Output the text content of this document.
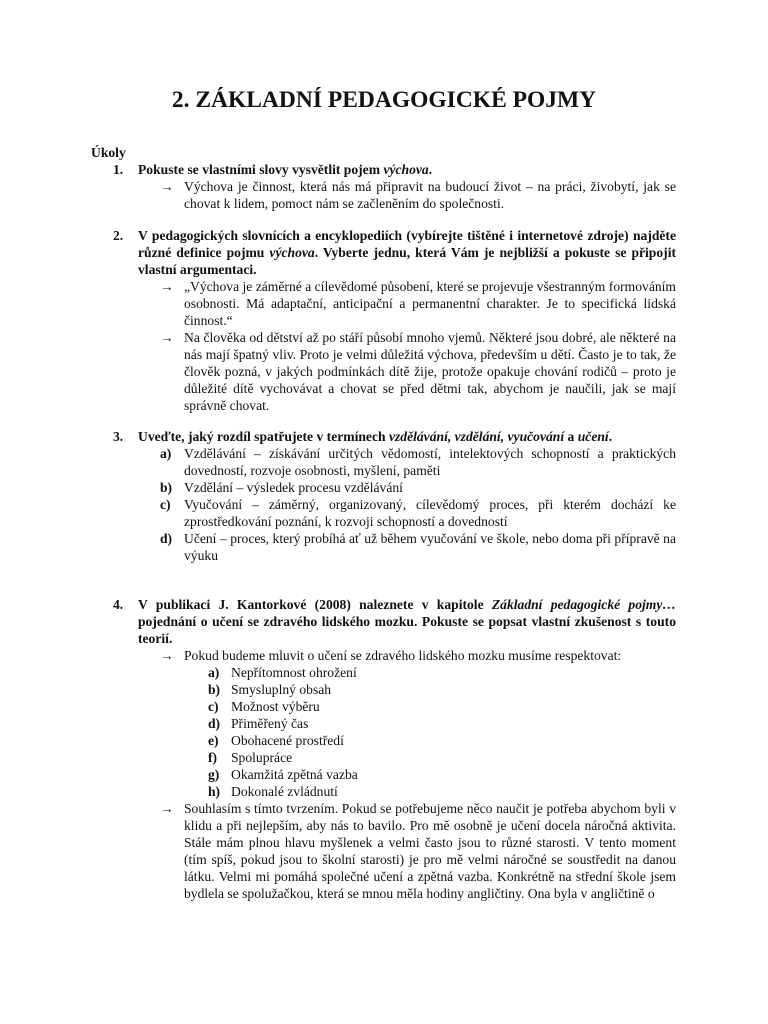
2. ZÁKLADNÍ PEDAGOGICKÉ POJMY
Úkoly
1. Pokuste se vlastními slovy vysvětlit pojem výchova.
→ Výchova je činnost, která nás má připravit na budoucí život – na práci, živobytí, jak se chovat k lidem, pomoct nám se začleněním do společnosti.
2. V pedagogických slovnících a encyklopediích (vybírejte tištěné i internetové zdroje) najděte různé definice pojmu výchova. Vyberte jednu, která Vám je nejbližší a pokuste se připojit vlastní argumentaci.
→ „Výchova je záměrné a cílevědomé působení, které se projevuje všestranným formováním osobnosti. Má adaptační, anticipační a permanentní charakter. Je to specifická lidská činnost.“
→ Na člověka od dětství až po stáří působí mnoho vjemů. Některé jsou dobré, ale některé na nás mají špatný vliv. Proto je velmi důležitá výchova, především u dětí. Často je to tak, že člověk pozná, v jakých podmínkách dítě žije, protože opakuje chování rodičů – proto je důležité dítě vychovávat a chovat se před dětmi tak, abychom je naučili, jak se mají správně chovat.
3. Uveďte, jaký rozdíl spatřujete v termínech vzdělávání, vzdělání, vyučování a učení.
a) Vzdělávání – získávání určitých vědomostí, intelektových schopností a praktických dovedností, rozvoje osobnosti, myšlení, paměti
b) Vzdělání – výsledek procesu vzdělávání
c) Vyučování – záměrný, organizovaný, cílevědomý proces, při kterém dochází ke zprostředkování poznání, k rozvoji schopností a dovedností
d) Učení – proces, který probíhá ať už během vyučování ve škole, nebo doma při přípravě na výuku
4. V publikaci J. Kantorkové (2008) naleznete v kapitole Základní pedagogické pojmy… pojednání o učení se zdravého lidského mozku. Pokuste se popsat vlastní zkušenost s touto teorií.
→ Pokud budeme mluvit o učení se zdravého lidského mozku musíme respektovat:
a) Nepřítomnost ohrožení
b) Smysluplný obsah
c) Možnost výběru
d) Přiměřený čas
e) Obohacené prostředí
f) Spolupráce
g) Okamžitá zpětná vazba
h) Dokonalé zvládnutí
→ Souhlasím s tímto tvrzením. Pokud se potřebujeme něco naučit je potřeba abychom byli v klidu a při nejlepším, aby nás to bavilo. Pro mě osobně je učení docela náročná aktivita. Stále mám plnou hlavu myšlenek a velmi často jsou to různé starosti. V tento moment (tím spíš, pokud jsou to školní starosti) je pro mě velmi náročné se soustředit na danou látku. Velmi mi pomáhá společné učení a zpětná vazba. Konkrétně na střední škole jsem bydlela se spolužačkou, která se mnou měla hodiny angličtiny. Ona byla v angličtině o
